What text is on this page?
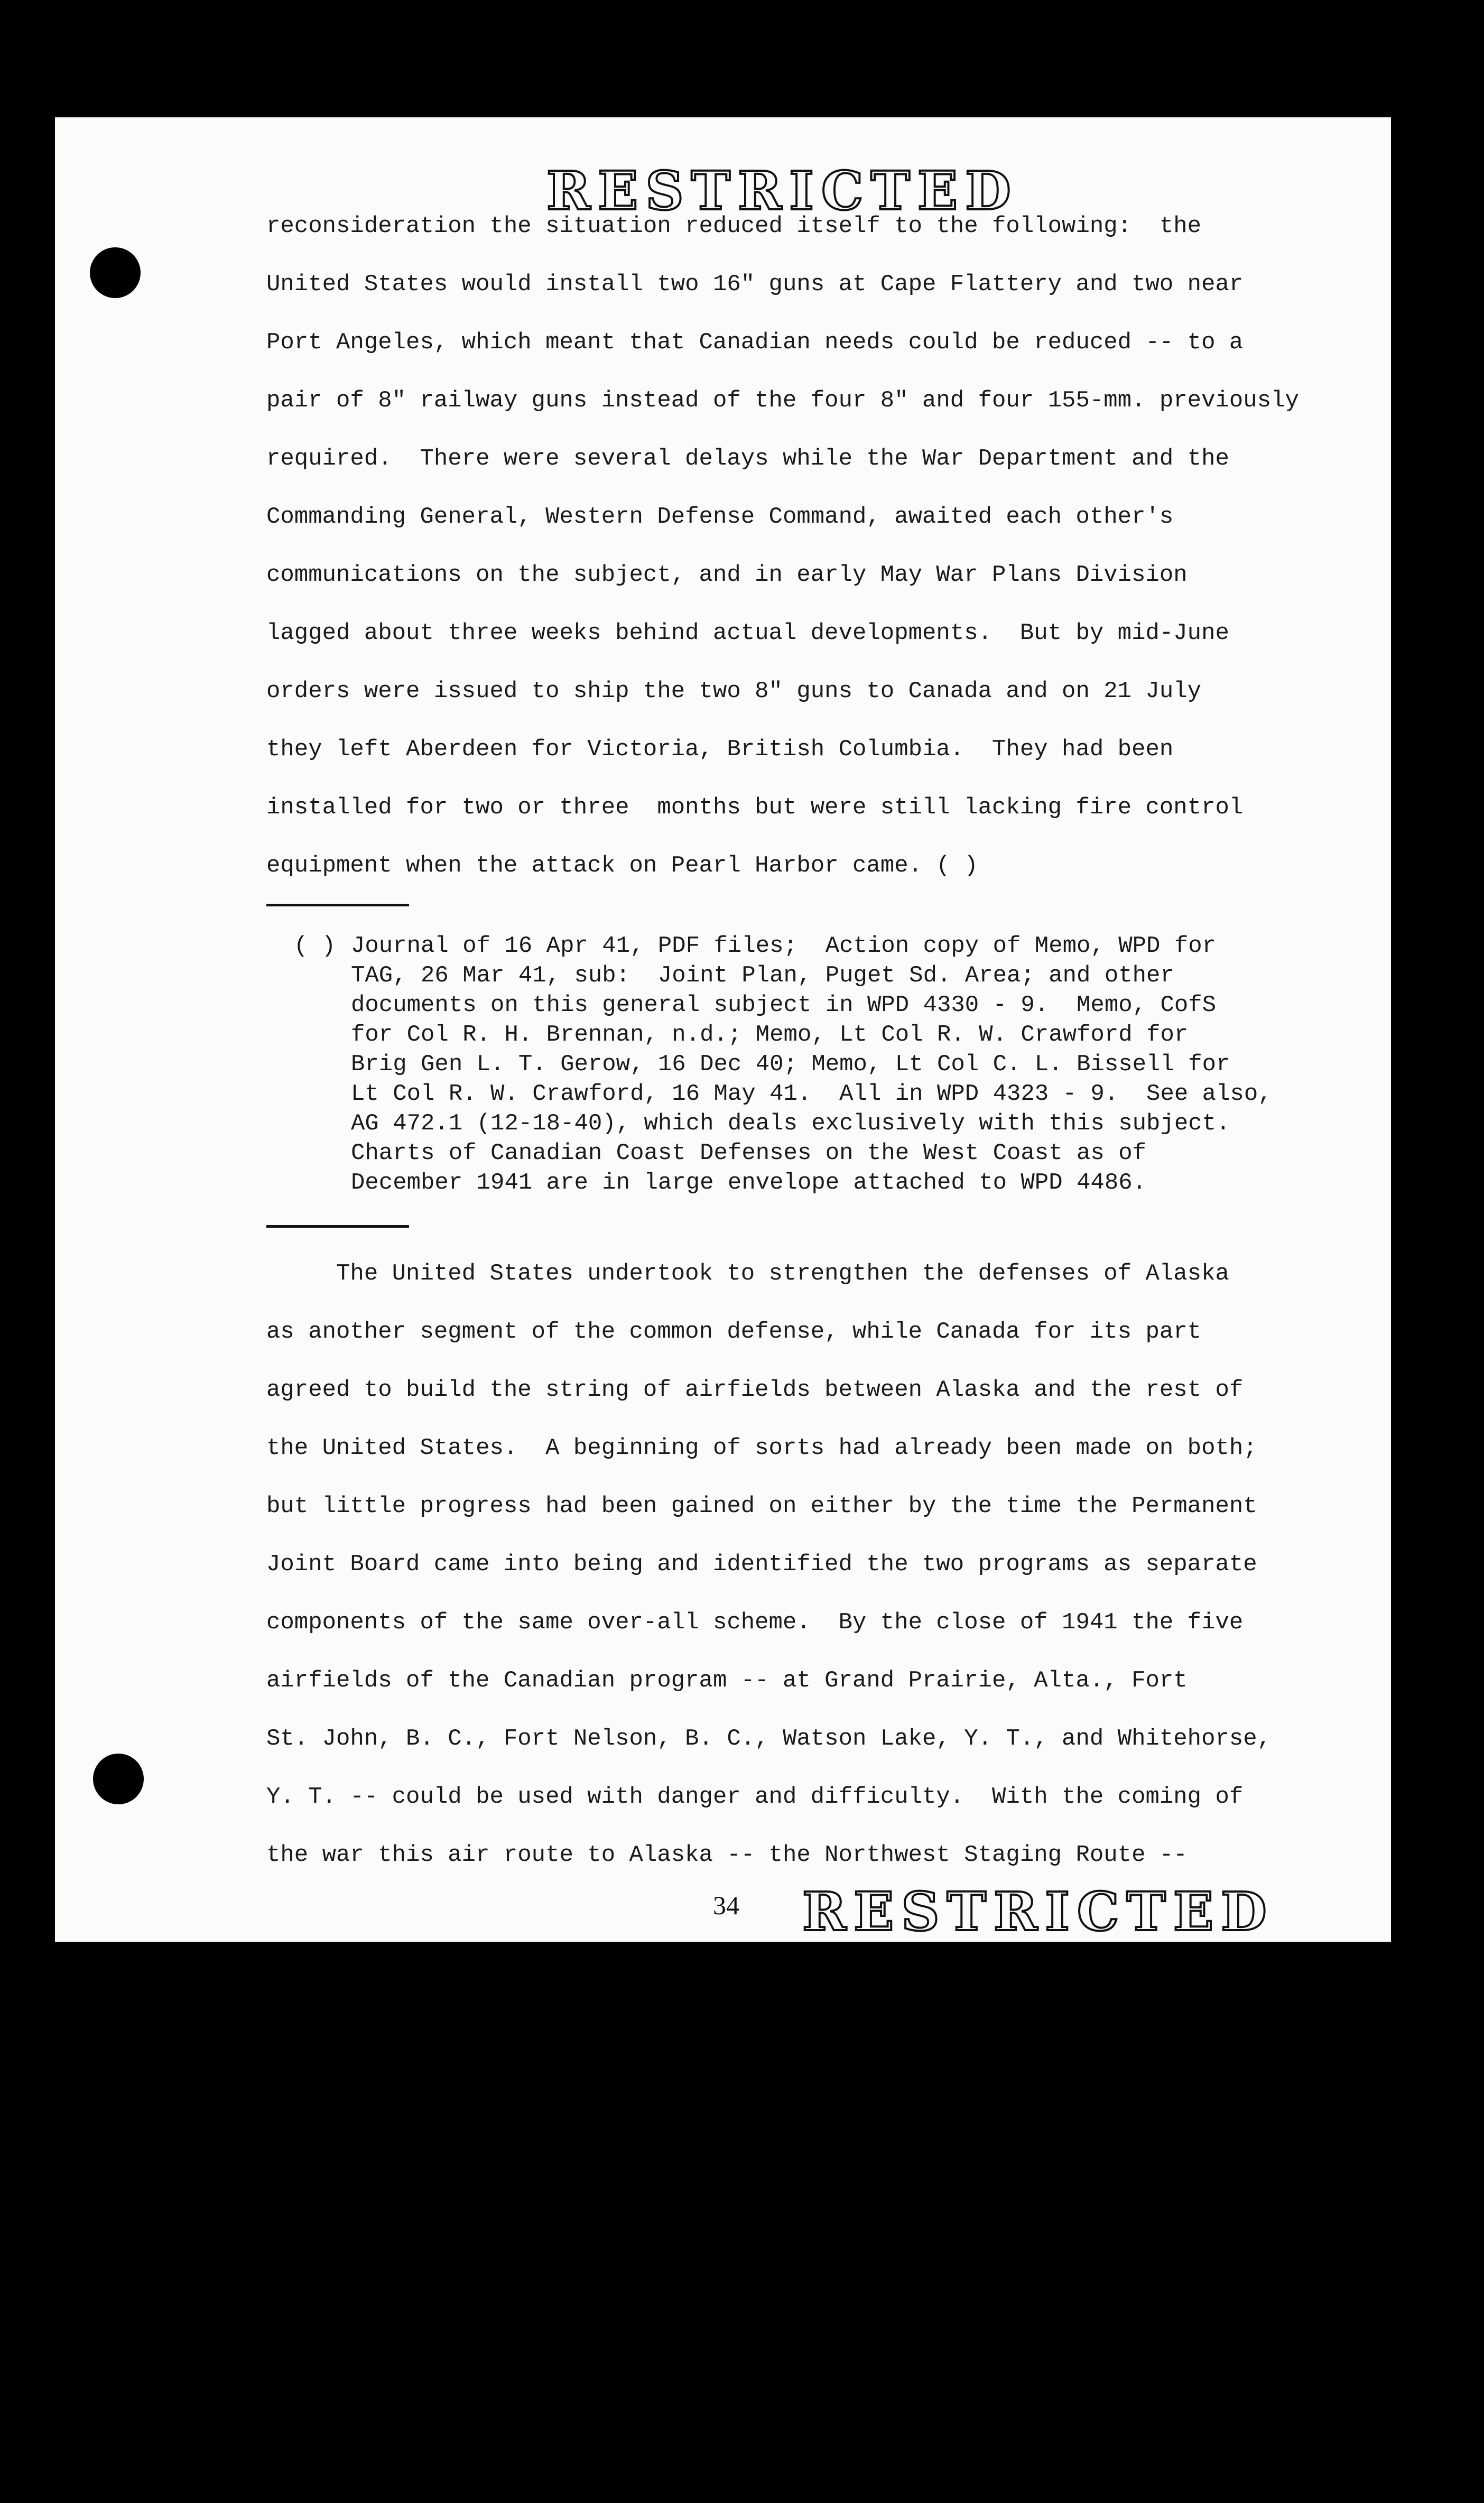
RESTRICTED
reconsideration the situation reduced itself to the following:  the
United States would install two 16" guns at Cape Flattery and two near
Port Angeles, which meant that Canadian needs could be reduced -- to a
pair of 8" railway guns instead of the four 8" and four 155-mm. previously
required.  There were several delays while the War Department and the
Commanding General, Western Defense Command, awaited each other's
communications on the subject, and in early May War Plans Division
lagged about three weeks behind actual developments.  But by mid-June
orders were issued to ship the two 8" guns to Canada and on 21 July
they left Aberdeen for Victoria, British Columbia.  They had been
installed for two or three  months but were still lacking fire control
equipment when the attack on Pearl Harbor came. ( )
( ) Journal of 16 Apr 41, PDF files;  Action copy of Memo, WPD for
TAG, 26 Mar 41, sub:  Joint Plan, Puget Sd. Area; and other
documents on this general subject in WPD 4330 - 9.  Memo, CofS
for Col R. H. Brennan, n.d.; Memo, Lt Col R. W. Crawford for
Brig Gen L. T. Gerow, 16 Dec 40; Memo, Lt Col C. L. Bissell for
Lt Col R. W. Crawford, 16 May 41.  All in WPD 4323 - 9.  See also,
AG 472.1 (12-18-40), which deals exclusively with this subject.
Charts of Canadian Coast Defenses on the West Coast as of
December 1941 are in large envelope attached to WPD 4486.
The United States undertook to strengthen the defenses of Alaska
as another segment of the common defense, while Canada for its part
agreed to build the string of airfields between Alaska and the rest of
the United States.  A beginning of sorts had already been made on both;
but little progress had been gained on either by the time the Permanent
Joint Board came into being and identified the two programs as separate
components of the same over-all scheme.  By the close of 1941 the five
airfields of the Canadian program -- at Grand Prairie, Alta., Fort
St. John, B. C., Fort Nelson, B. C., Watson Lake, Y. T., and Whitehorse,
Y. T. -- could be used with danger and difficulty.  With the coming of
the war this air route to Alaska -- the Northwest Staging Route --
34 RESTRICTED
